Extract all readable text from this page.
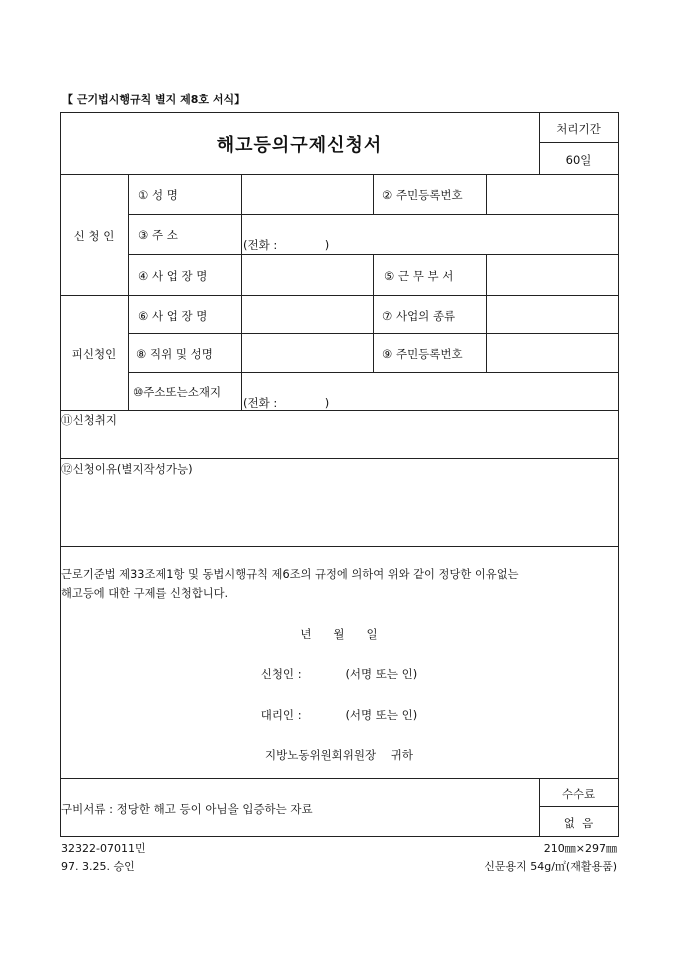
【 근기법시행규칙 별지 제8호 서식】
해고등의구제신청서
처리기간
60일
신 청 인
① 성 명	② 주민등록번호
③ 주 소
(전화 :             )
④ 사 업 장 명	⑤ 근 무 부 서
피신청인
⑥ 사 업 장 명	⑦ 사업의 종류
⑧ 직위 및 성명	⑨ 주민등록번호
⑩주소또는소재지
(전화 :             )
⑪신청취지
⑫신청이유(별지작성가능)
근로기준법 제33조제1항 및 동법시행규칙 제6조의 규정에 의하여 위와 같이 정당한 이유없는
해고등에 대한 구제를 신청합니다.
년      월      일
신청인 :            (서명 또는 인)
대리인 :            (서명 또는 인)
지방노동위원회위원장    귀하
구비서류 : 정당한 해고 등이 아님을 입증하는 자료
수수료
없  음
32322-07011민	210㎜×297㎜
97. 3.25. 승인	신문용지 54g/㎡(재활용품)
